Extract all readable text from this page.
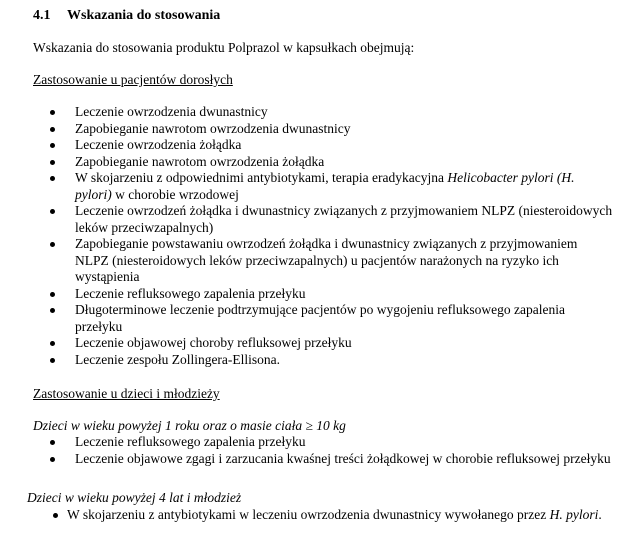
4.1 Wskazania do stosowania
Wskazania do stosowania produktu Polprazol w kapsułkach obejmują:
Zastosowanie u pacjentów dorosłych
Leczenie owrzodzenia dwunastnicy
Zapobieganie nawrotom owrzodzenia dwunastnicy
Leczenie owrzodzenia żołądka
Zapobieganie nawrotom owrzodzenia żołądka
W skojarzeniu z odpowiednimi antybiotykami, terapia eradykacyjna Helicobacter pylori (H. pylori) w chorobie wrzodowej
Leczenie owrzodzeń żołądka i dwunastnicy związanych z przyjmowaniem NLPZ (niesteroidowych leków przeciwzapalnych)
Zapobieganie powstawaniu owrzodzeń żołądka i dwunastnicy związanych z przyjmowaniem NLPZ (niesteroidowych leków przeciwzapalnych) u pacjentów narażonych na ryzyko ich wystąpienia
Leczenie refluksowego zapalenia przełyku
Długoterminowe leczenie podtrzymujące pacjentów po wygojeniu refluksowego zapalenia przełyku
Leczenie objawowej choroby refluksowej przełyku
Leczenie zespołu Zollingera-Ellisona.
Zastosowanie u dzieci i młodzieży
Dzieci w wieku powyżej 1 roku oraz o masie ciała ≥ 10 kg
Leczenie refluksowego zapalenia przełyku
Leczenie objawowe zgagi i zarzucania kwaśnej treści żołądkowej w chorobie refluksowej przełyku
Dzieci w wieku powyżej 4 lat i młodzież
W skojarzeniu z antybiotykami w leczeniu owrzodzenia dwunastnicy wywołanego przez H. pylori.
